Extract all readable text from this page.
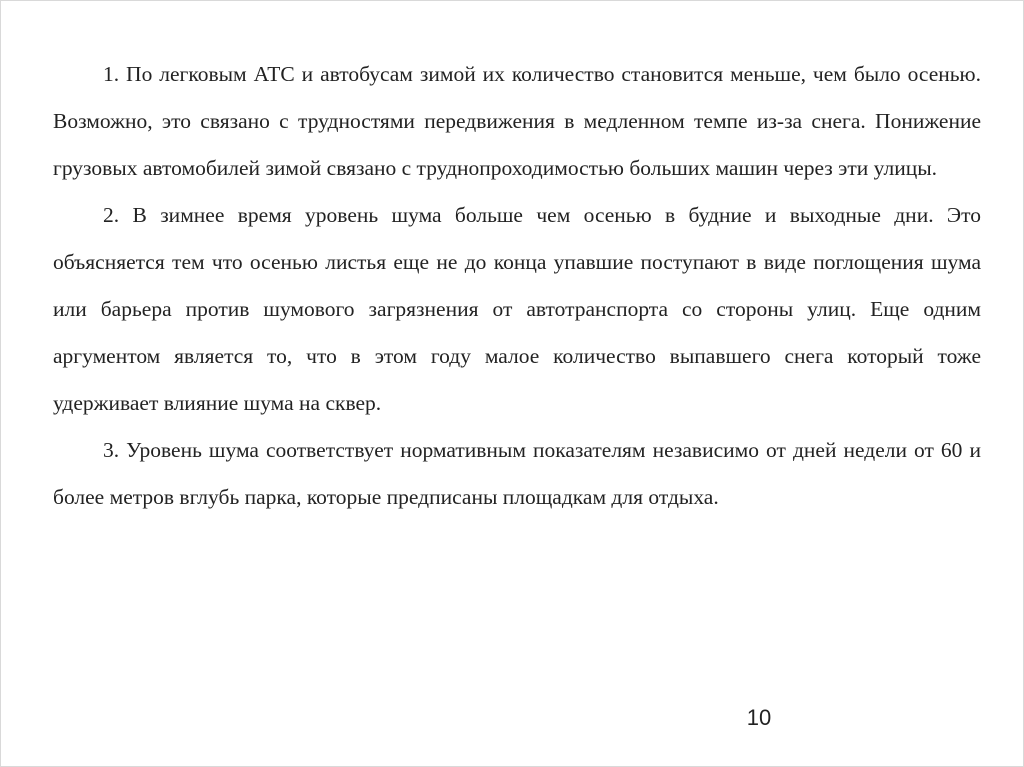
1. По легковым АТС и автобусам зимой их количество становится меньше, чем было осенью. Возможно, это связано с трудностями передвижения в медленном темпе из-за снега. Понижение грузовых автомобилей зимой связано с труднопроходимостью больших машин через эти улицы.

2. В зимнее время уровень шума больше чем осенью в будние и выходные дни. Это объясняется тем что осенью листья еще не до конца упавшие поступают в виде поглощения шума или барьера против шумового загрязнения от автотранспорта со стороны улиц. Еще одним аргументом является то, что в этом году малое количество выпавшего снега который тоже удерживает влияние шума на сквер.

3. Уровень шума соответствует нормативным показателям независимо от дней недели от 60 и более метров вглубь парка, которые предписаны площадкам для отдыха.

10
